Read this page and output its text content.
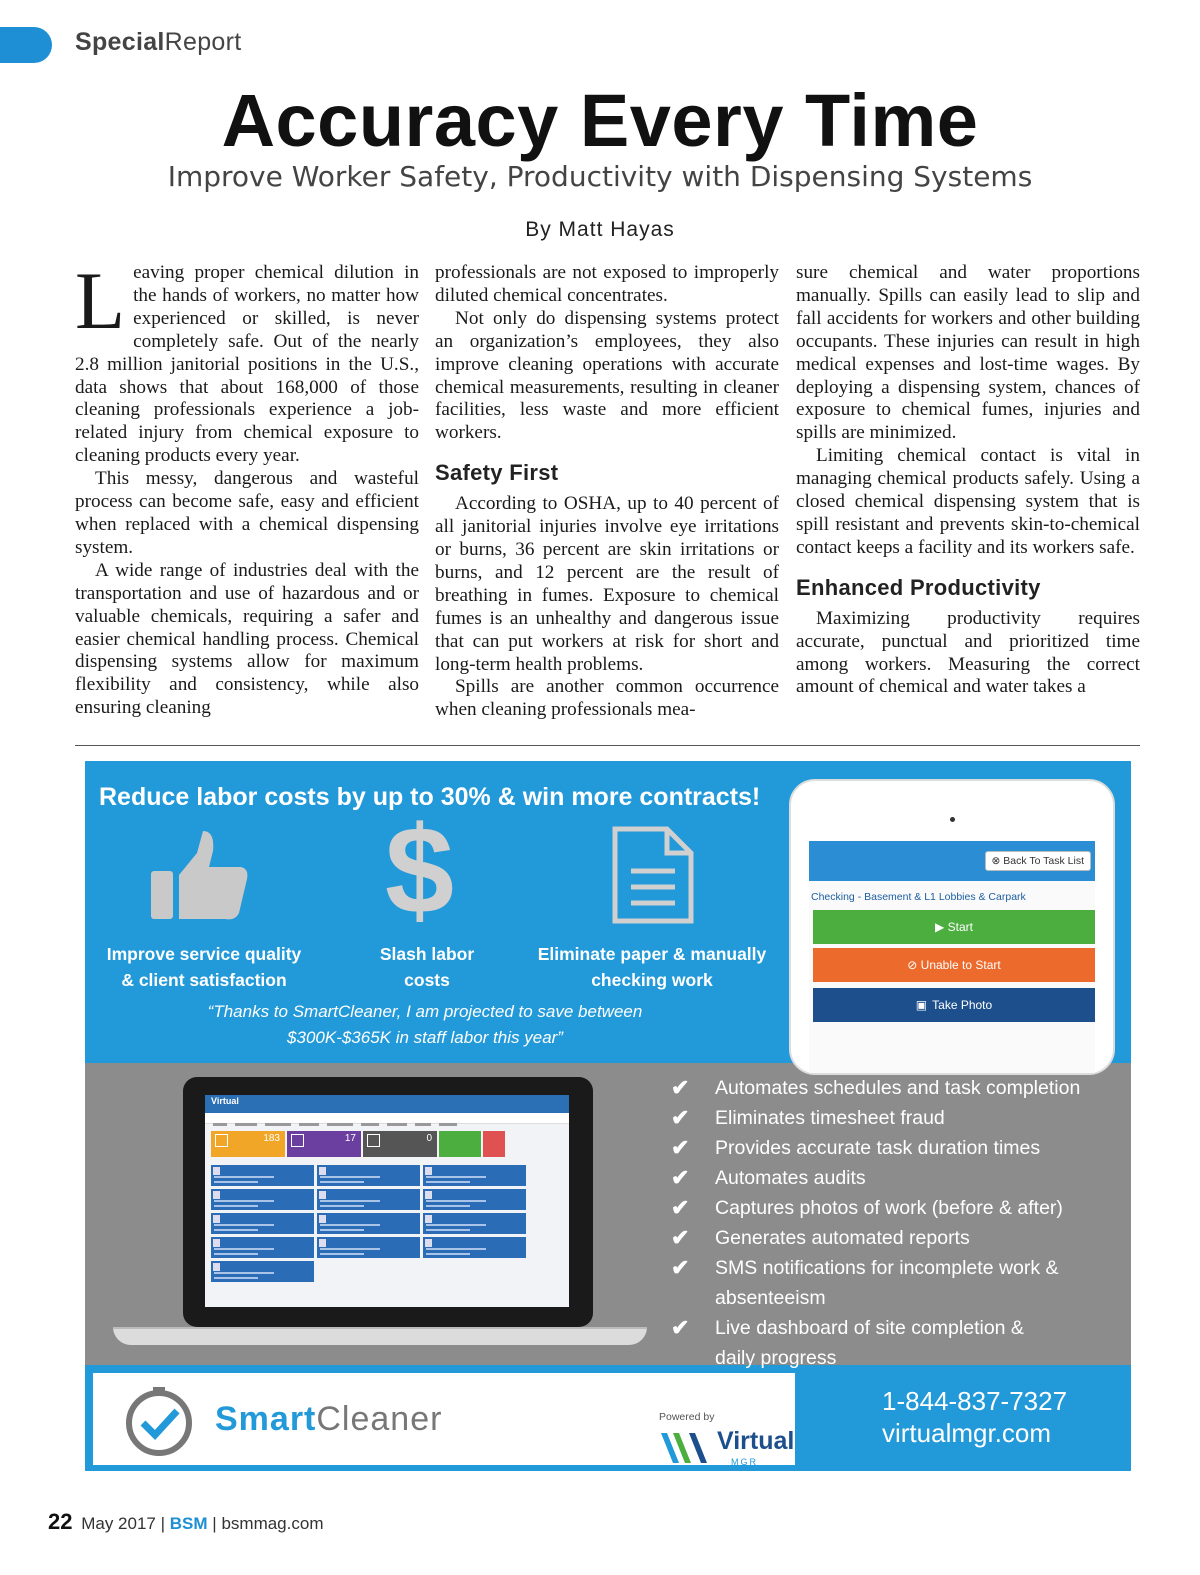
SpecialReport
Accuracy Every Time
Improve Worker Safety, Productivity with Dispensing Systems
By Matt Hayas

Leaving proper chemical dilution in the hands of workers, no matter how experienced or skilled, is never completely safe. Out of the nearly 2.8 million janitorial positions in the U.S., data shows that about 168,000 of those cleaning professionals experience a job-related injury from chemical exposure to cleaning products every year.

This messy, dangerous and wasteful process can become safe, easy and efficient when replaced with a chemical dispensing system.

A wide range of industries deal with the transportation and use of hazardous and or valuable chemicals, requiring a safer and easier chemical handling process. Chemical dispensing systems allow for maximum flexibility and consistency, while also ensuring cleaning

professionals are not exposed to improperly diluted chemical concentrates.

Not only do dispensing systems protect an organization’s employees, they also improve cleaning operations with accurate chemical measurements, resulting in cleaner facilities, less waste and more efficient workers.

Safety First

According to OSHA, up to 40 percent of all janitorial injuries involve eye irritations or burns, 36 percent are skin irritations or burns, and 12 percent are the result of breathing in fumes. Exposure to chemical fumes is an unhealthy and dangerous issue that can put workers at risk for short and long-term health problems.

Spills are another common occurrence when cleaning professionals mea-

sure chemical and water proportions manually. Spills can easily lead to slip and fall accidents for workers and other building occupants. These injuries can result in high medical expenses and lost-time wages. By deploying a dispensing system, chances of exposure to chemical fumes, injuries and spills are minimized.

Limiting chemical contact is vital in managing chemical products safely. Using a closed chemical dispensing system that is spill resistant and prevents skin-to-chemical contact keeps a facility and its workers safe.

Enhanced Productivity

Maximizing productivity requires accurate, punctual and prioritized time among workers. Measuring the correct amount of chemical and water takes a

SmartCleaner	Powered by
Virtual
MGR
1-844-837-7327
virtualmgr.com
Reduce labor costs by up to 30% & win more contracts!
$
Improve service quality
& client satisfaction
Slash labor
costs
Eliminate paper & manually
checking work
“Thanks to SmartCleaner, I am projected to save between
$300K-$365K in staff labor this year”
⊗ Back To Task List
Checking - Basement & L1 Lobbies & Carpark
▶ Start
⊘ Unable to Start
▣ Take Photo
Virtual
183	17	0
✔	Automates schedules and task completion
✔	Eliminates timesheet fraud
✔	Provides accurate task duration times
✔	Automates audits
✔	Captures photos of work (before & after)
✔	Generates automated reports
✔	SMS notifications for incomplete work & absenteeism
✔	Live dashboard of site completion & daily progress
22 May 2017 | BSM | bsmmag.com
